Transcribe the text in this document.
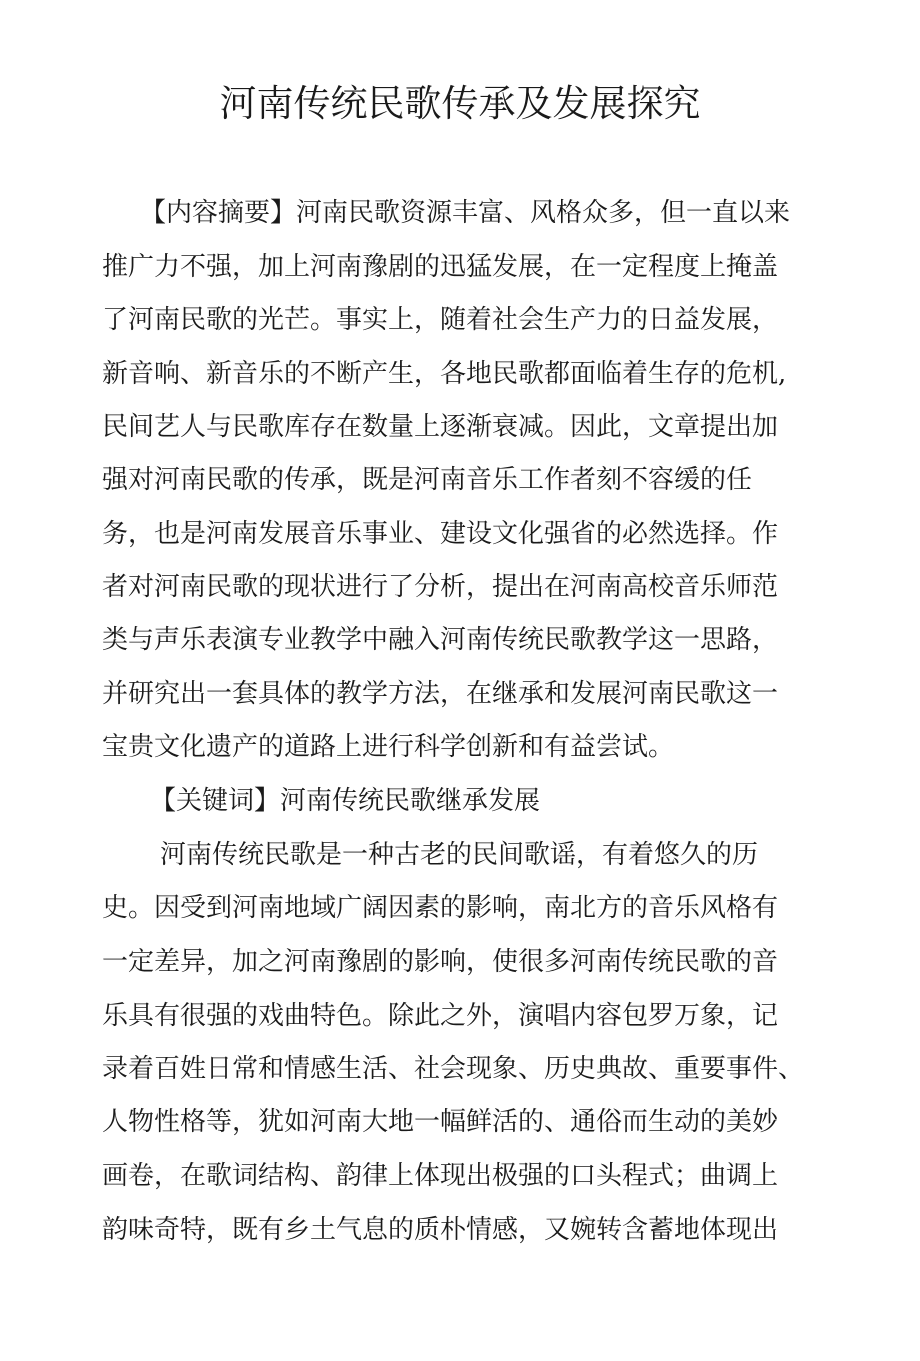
河南传统民歌传承及发展探究
【内容摘要】河南民歌资源丰富、风格众多，但一直以来
推广力不强，加上河南豫剧的迅猛发展，在一定程度上掩盖
了河南民歌的光芒。事实上，随着社会生产力的日益发展，
新音响、新音乐的不断产生，各地民歌都面临着生存的危机,
民间艺人与民歌库存在数量上逐渐衰减。因此，文章提出加
强对河南民歌的传承，既是河南音乐工作者刻不容缓的任
务，也是河南发展音乐事业、建设文化强省的必然选择。作
者对河南民歌的现状进行了分析，提出在河南高校音乐师范
类与声乐表演专业教学中融入河南传统民歌教学这一思路，
并研究出一套具体的教学方法，在继承和发展河南民歌这一
宝贵文化遗产的道路上进行科学创新和有益尝试。
【关键词】河南传统民歌继承发展
河南传统民歌是一种古老的民间歌谣，有着悠久的历
史。因受到河南地域广阔因素的影响，南北方的音乐风格有
一定差异，加之河南豫剧的影响，使很多河南传统民歌的音
乐具有很强的戏曲特色。除此之外，演唱内容包罗万象，记
录着百姓日常和情感生活、社会现象、历史典故、重要事件、
人物性格等，犹如河南大地一幅鲜活的、通俗而生动的美妙
画卷，在歌词结构、韵律上体现出极强的口头程式；曲调上
韵味奇特，既有乡土气息的质朴情感，又婉转含蓄地体现出
